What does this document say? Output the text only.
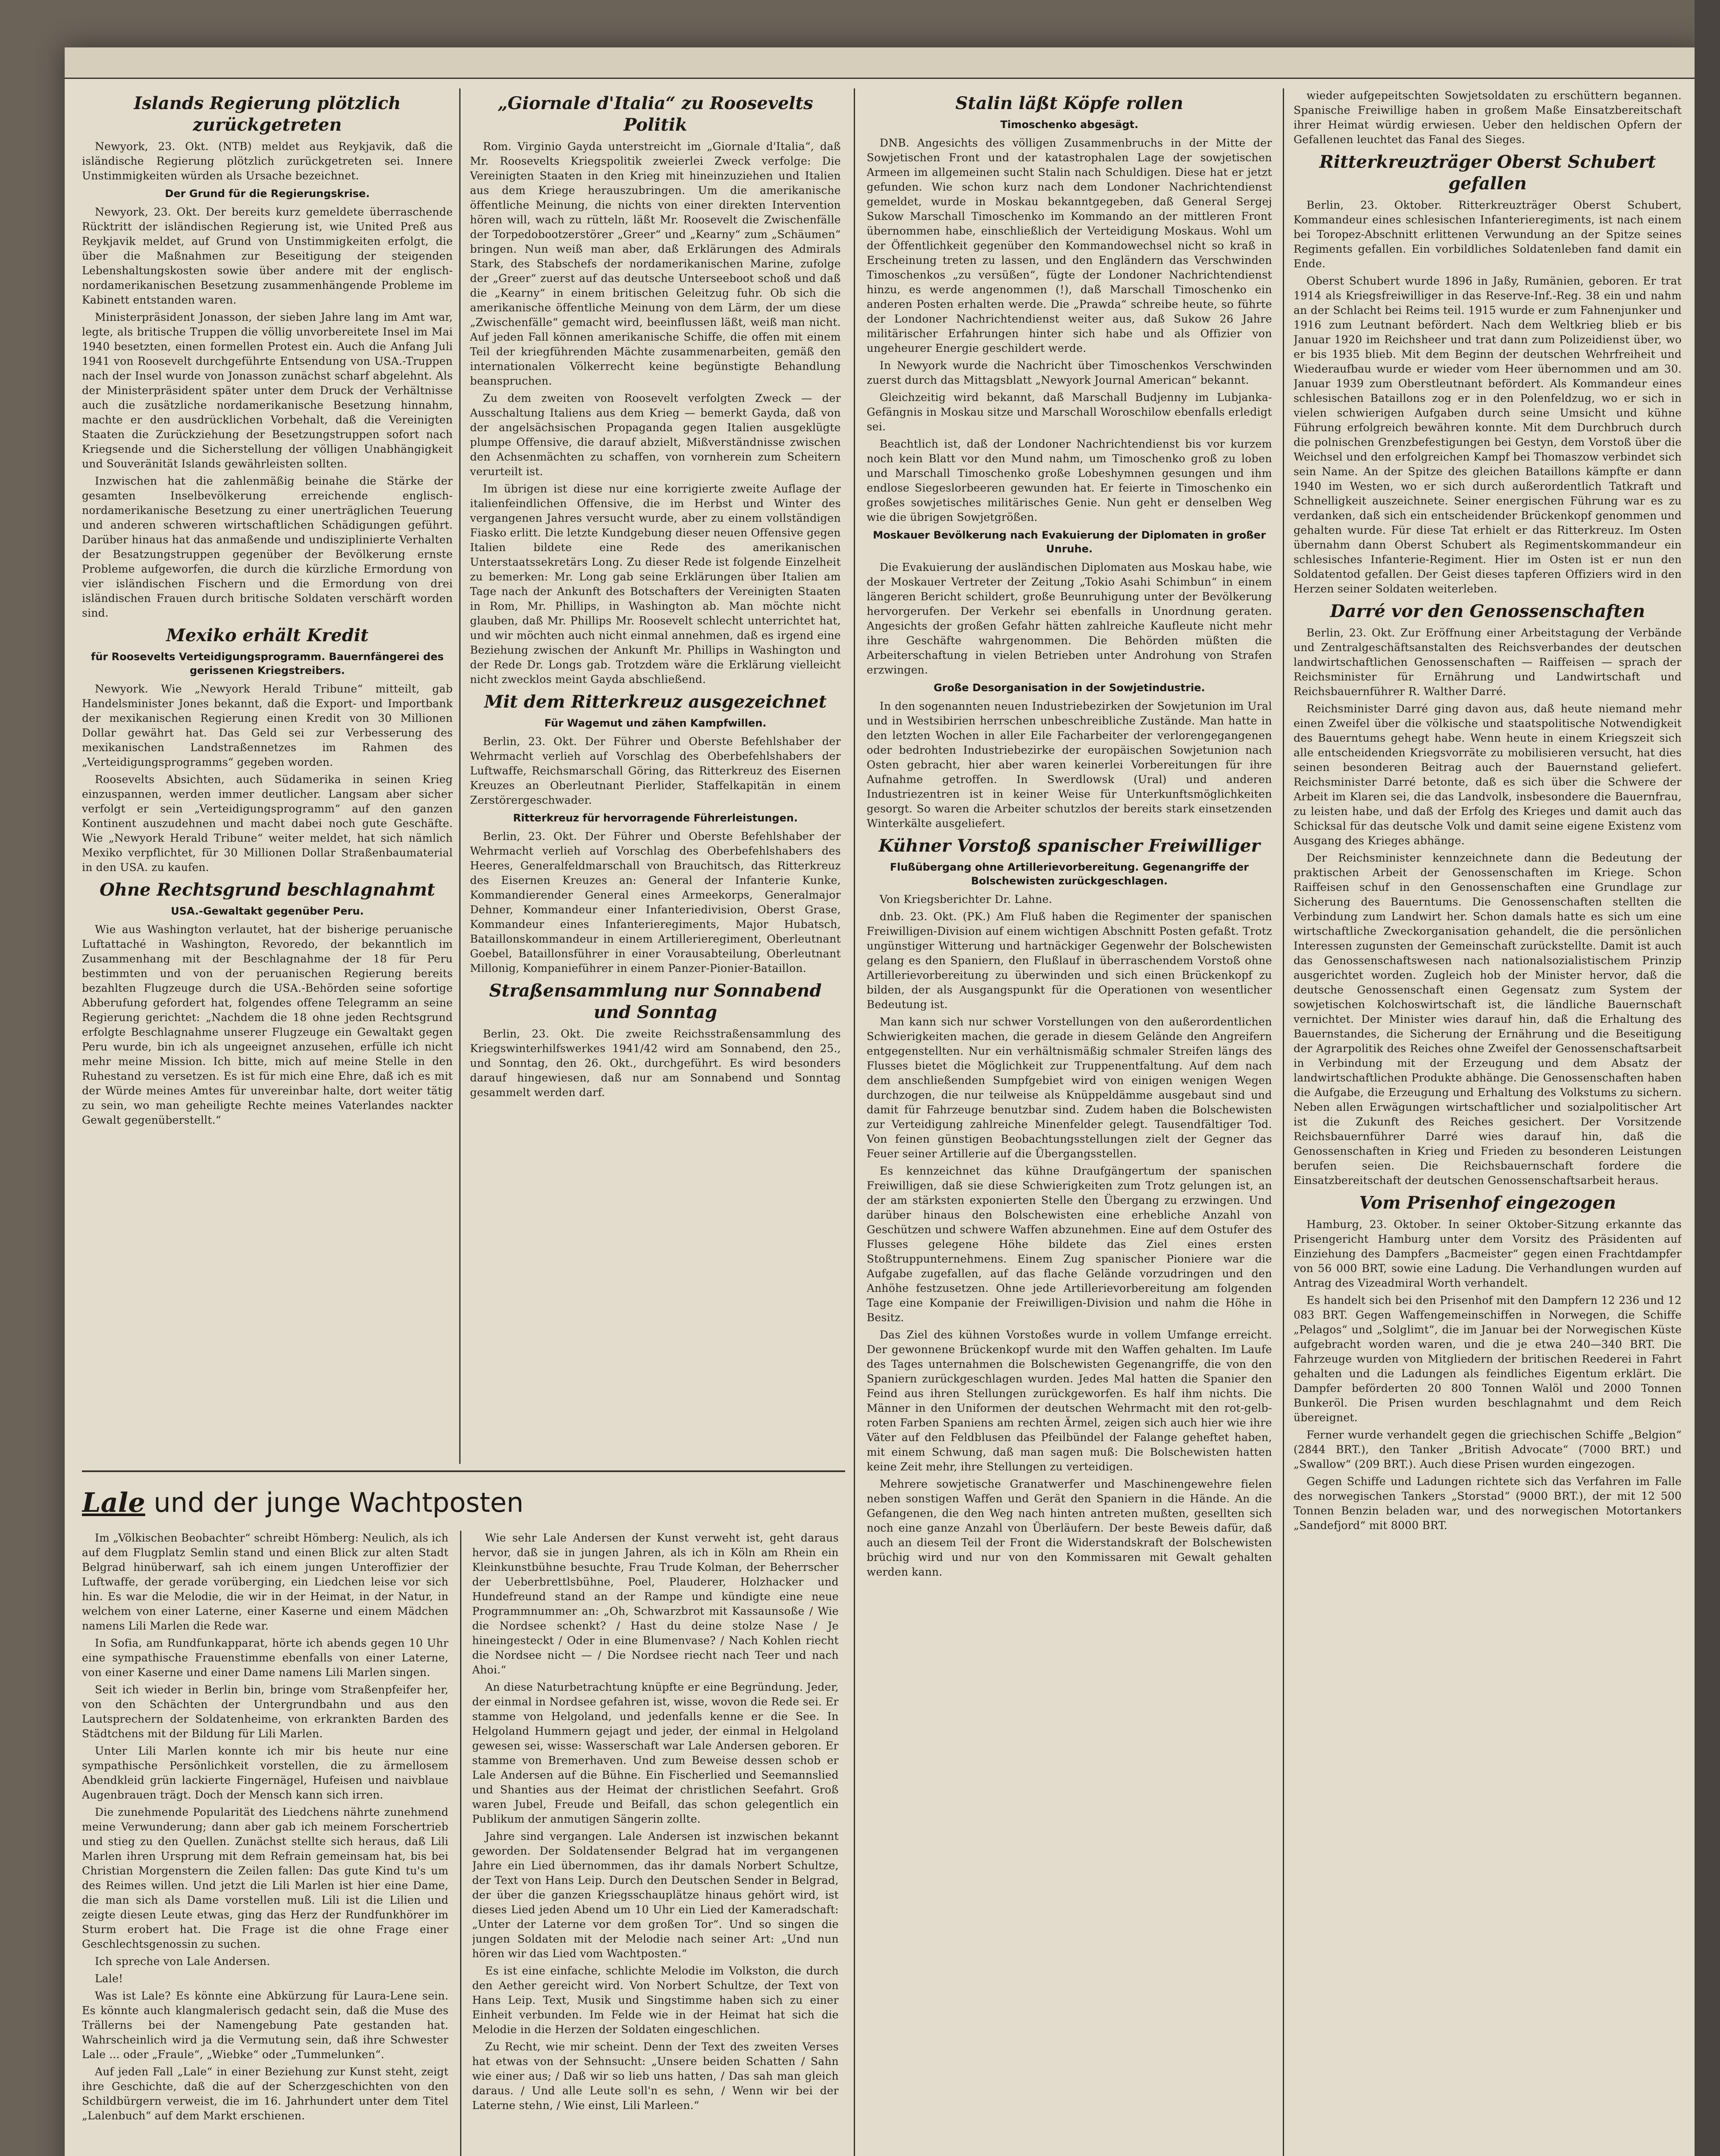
Islands Regierung plötzlich zurückgetreten

Newyork, 23. Okt. (NTB) meldet aus Reykjavik, daß die isländische Regierung plötzlich zurückgetreten sei. Innere Unstimmigkeiten würden als Ursache bezeichnet.

Der Grund für die Regierungskrise.

Newyork, 23. Okt. Der bereits kurz gemeldete überraschende Rücktritt der isländischen Regierung ist, wie United Preß aus Reykjavik meldet, auf Grund von Unstimmigkeiten erfolgt, die über die Maßnahmen zur Beseitigung der steigenden Lebenshaltungskosten sowie über andere mit der englisch-nordamerikanischen Besetzung zusammenhängende Probleme im Kabinett entstanden waren.

Ministerpräsident Jonasson, der sieben Jahre lang im Amt war, legte, als britische Truppen die völlig unvorbereitete Insel im Mai 1940 besetzten, einen formellen Protest ein. Auch die Anfang Juli 1941 von Roosevelt durchgeführte Entsendung von USA.-Truppen nach der Insel wurde von Jonasson zunächst scharf abgelehnt. Als der Ministerpräsident später unter dem Druck der Verhältnisse auch die zusätzliche nordamerikanische Besetzung hinnahm, machte er den ausdrücklichen Vorbehalt, daß die Vereinigten Staaten die Zurückziehung der Besetzungstruppen sofort nach Kriegsende und die Sicherstellung der völligen Unabhängigkeit und Souveränität Islands gewährleisten sollten.

Inzwischen hat die zahlenmäßig beinahe die Stärke der gesamten Inselbevölkerung erreichende englisch-nordamerikanische Besetzung zu einer unerträglichen Teuerung und anderen schweren wirtschaftlichen Schädigungen geführt. Darüber hinaus hat das anmaßende und undisziplinierte Verhalten der Besatzungstruppen gegenüber der Bevölkerung ernste Probleme aufgeworfen, die durch die kürzliche Ermordung von vier isländischen Fischern und die Ermordung von drei isländischen Frauen durch britische Soldaten verschärft worden sind.

Mexiko erhält Kredit
für Roosevelts Verteidigungsprogramm. Bauernfängerei des gerissenen Kriegstreibers.

Newyork. Wie „Newyork Herald Tribune“ mitteilt, gab Handelsminister Jones bekannt, daß die Export- und Importbank der mexikanischen Regierung einen Kredit von 30 Millionen Dollar gewährt hat. Das Geld sei zur Verbesserung des mexikanischen Landstraßennetzes im Rahmen des „Verteidigungsprogramms“ gegeben worden.

Roosevelts Absichten, auch Südamerika in seinen Krieg einzuspannen, werden immer deutlicher. Langsam aber sicher verfolgt er sein „Verteidigungsprogramm“ auf den ganzen Kontinent auszudehnen und macht dabei noch gute Geschäfte. Wie „Newyork Herald Tribune“ weiter meldet, hat sich nämlich Mexiko verpflichtet, für 30 Millionen Dollar Straßenbaumaterial in den USA. zu kaufen.

Ohne Rechtsgrund beschlagnahmt
USA.-Gewaltakt gegenüber Peru.

Wie aus Washington verlautet, hat der bisherige peruanische Luftattaché in Washington, Revoredo, der bekanntlich im Zusammenhang mit der Beschlagnahme der 18 für Peru bestimmten und von der peruanischen Regierung bereits bezahlten Flugzeuge durch die USA.-Behörden seine sofortige Abberufung gefordert hat, folgendes offene Telegramm an seine Regierung gerichtet: „Nachdem die 18 ohne jeden Rechtsgrund erfolgte Beschlagnahme unserer Flugzeuge ein Gewaltakt gegen Peru wurde, bin ich als ungeeignet anzusehen, erfülle ich nicht mehr meine Mission. Ich bitte, mich auf meine Stelle in den Ruhestand zu versetzen. Es ist für mich eine Ehre, daß ich es mit der Würde meines Amtes für unvereinbar halte, dort weiter tätig zu sein, wo man geheiligte Rechte meines Vaterlandes nackter Gewalt gegenüberstellt.“

„Giornale d'Italia“ zu Roosevelts Politik

Rom. Virginio Gayda unterstreicht im „Giornale d'Italia“, daß Mr. Roosevelts Kriegspolitik zweierlei Zweck verfolge: Die Vereinigten Staaten in den Krieg mit hineinzuziehen und Italien aus dem Kriege herauszubringen. Um die amerikanische öffentliche Meinung, die nichts von einer direkten Intervention hören will, wach zu rütteln, läßt Mr. Roosevelt die Zwischenfälle der Torpedobootzerstörer „Greer“ und „Kearny“ zum „Schäumen“ bringen. Nun weiß man aber, daß Erklärungen des Admirals Stark, des Stabschefs der nordamerikanischen Marine, zufolge der „Greer“ zuerst auf das deutsche Unterseeboot schoß und daß die „Kearny“ in einem britischen Geleitzug fuhr. Ob sich die amerikanische öffentliche Meinung von dem Lärm, der um diese „Zwischenfälle“ gemacht wird, beeinflussen läßt, weiß man nicht. Auf jeden Fall können amerikanische Schiffe, die offen mit einem Teil der kriegführenden Mächte zusammenarbeiten, gemäß den internationalen Völkerrecht keine begünstigte Behandlung beanspruchen.

Zu dem zweiten von Roosevelt verfolgten Zweck — der Ausschaltung Italiens aus dem Krieg — bemerkt Gayda, daß von der angelsächsischen Propaganda gegen Italien ausgeklügte plumpe Offensive, die darauf abzielt, Mißverständnisse zwischen den Achsenmächten zu schaffen, von vornherein zum Scheitern verurteilt ist.

Im übrigen ist diese nur eine korrigierte zweite Auflage der italienfeindlichen Offensive, die im Herbst und Winter des vergangenen Jahres versucht wurde, aber zu einem vollständigen Fiasko erlitt. Die letzte Kundgebung dieser neuen Offensive gegen Italien bildete eine Rede des amerikanischen Unterstaatssekretärs Long. Zu dieser Rede ist folgende Einzelheit zu bemerken: Mr. Long gab seine Erklärungen über Italien am Tage nach der Ankunft des Botschafters der Vereinigten Staaten in Rom, Mr. Phillips, in Washington ab. Man möchte nicht glauben, daß Mr. Phillips Mr. Roosevelt schlecht unterrichtet hat, und wir möchten auch nicht einmal annehmen, daß es irgend eine Beziehung zwischen der Ankunft Mr. Phillips in Washington und der Rede Dr. Longs gab. Trotzdem wäre die Erklärung vielleicht nicht zwecklos meint Gayda abschließend.

Mit dem Ritterkreuz ausgezeichnet
Für Wagemut und zähen Kampfwillen.

Berlin, 23. Okt. Der Führer und Oberste Befehlshaber der Wehrmacht verlieh auf Vorschlag des Oberbefehlshabers der Luftwaffe, Reichsmarschall Göring, das Ritterkreuz des Eisernen Kreuzes an Oberleutnant Pierlider, Staffelkapitän in einem Zerstörergeschwader.

Ritterkreuz für hervorragende Führerleistungen.

Berlin, 23. Okt. Der Führer und Oberste Befehlshaber der Wehrmacht verlieh auf Vorschlag des Oberbefehlshabers des Heeres, Generalfeldmarschall von Brauchitsch, das Ritterkreuz des Eisernen Kreuzes an: General der Infanterie Kunke, Kommandierender General eines Armeekorps, Generalmajor Dehner, Kommandeur einer Infanteriedivision, Oberst Grase, Kommandeur eines Infanterieregiments, Major Hubatsch, Bataillonskommandeur in einem Artillerieregiment, Oberleutnant Goebel, Bataillonsführer in einer Vorausabteilung, Oberleutnant Millonig, Kompanieführer in einem Panzer-Pionier-Bataillon.

Straßensammlung nur Sonnabend und Sonntag

Berlin, 23. Okt. Die zweite Reichsstraßensammlung des Kriegswinterhilfswerkes 1941/42 wird am Sonnabend, den 25., und Sonntag, den 26. Okt., durchgeführt. Es wird besonders darauf hingewiesen, daß nur am Sonnabend und Sonntag gesammelt werden darf.

Lale und der junge Wachtposten

Im „Völkischen Beobachter“ schreibt Hömberg: Neulich, als ich auf dem Flugplatz Semlin stand und einen Blick zur alten Stadt Belgrad hinüberwarf, sah ich einem jungen Unteroffizier der Luftwaffe, der gerade vorüberging, ein Liedchen leise vor sich hin. Es war die Melodie, die wir in der Heimat, in der Natur, in welchem von einer Laterne, einer Kaserne und einem Mädchen namens Lili Marlen die Rede war.

In Sofia, am Rundfunkapparat, hörte ich abends gegen 10 Uhr eine sympathische Frauenstimme ebenfalls von einer Laterne, von einer Kaserne und einer Dame namens Lili Marlen singen.

Seit ich wieder in Berlin bin, bringe vom Straßenpfeifer her, von den Schächten der Untergrundbahn und aus den Lautsprechern der Soldatenheime, von erkrankten Barden des Städtchens mit der Bildung für Lili Marlen.

Unter Lili Marlen konnte ich mir bis heute nur eine sympathische Persönlichkeit vorstellen, die zu ärmellosem Abendkleid grün lackierte Fingernägel, Hufeisen und naivblaue Augenbrauen trägt. Doch der Mensch kann sich irren.

Die zunehmende Popularität des Liedchens nährte zunehmend meine Verwunderung; dann aber gab ich meinem Forschertrieb und stieg zu den Quellen. Zunächst stellte sich heraus, daß Lili Marlen ihren Ursprung mit dem Refrain gemeinsam hat, bis bei Christian Morgenstern die Zeilen fallen: Das gute Kind tu's um des Reimes willen. Und jetzt die Lili Marlen ist hier eine Dame, die man sich als Dame vorstellen muß. Lili ist die Lilien und zeigte diesen Leute etwas, ging das Herz der Rundfunkhörer im Sturm erobert hat. Die Frage ist die ohne Frage einer Geschlechtsgenossin zu suchen.

Ich spreche von Lale Andersen.

Lale!

Was ist Lale? Es könnte eine Abkürzung für Laura-Lene sein. Es könnte auch klangmalerisch gedacht sein, daß die Muse des Trällerns bei der Namengebung Pate gestanden hat. Wahrscheinlich wird ja die Vermutung sein, daß ihre Schwester Lale ... oder „Fraule“, „Wiebke“ oder „Tummelunken“.

Auf jeden Fall „Lale“ in einer Beziehung zur Kunst steht, zeigt ihre Geschichte, daß die auf der Scherzgeschichten von den Schildbürgern verweist, die im 16. Jahrhundert unter dem Titel „Lalenbuch“ auf dem Markt erschienen.

Wie sehr Lale Andersen der Kunst verweht ist, geht daraus hervor, daß sie in jungen Jahren, als ich in Köln am Rhein ein Kleinkunstbühne besuchte, Frau Trude Kolman, der Beherrscher der Ueberbrettlsbühne, Poel, Plauderer, Holzhacker und Hundefreund stand an der Rampe und kündigte eine neue Programmnummer an: „Oh, Schwarzbrot mit Kassaunsoße / Wie die Nordsee schenkt? / Hast du deine stolze Nase / Je hineingesteckt / Oder in eine Blumenvase? / Nach Kohlen riecht die Nordsee nicht — / Die Nordsee riecht nach Teer und nach Ahoi.“

An diese Naturbetrachtung knüpfte er eine Begründung. Jeder, der einmal in Nordsee gefahren ist, wisse, wovon die Rede sei. Er stamme von Helgoland, und jedenfalls kenne er die See. In Helgoland Hummern gejagt und jeder, der einmal in Helgoland gewesen sei, wisse: Wasserschaft war Lale Andersen geboren. Er stamme von Bremerhaven. Und zum Beweise dessen schob er Lale Andersen auf die Bühne. Ein Fischerlied und Seemannslied und Shanties aus der Heimat der christlichen Seefahrt. Groß waren Jubel, Freude und Beifall, das schon gelegentlich ein Publikum der anmutigen Sängerin zollte.

Jahre sind vergangen. Lale Andersen ist inzwischen bekannt geworden. Der Soldatensender Belgrad hat im vergangenen Jahre ein Lied übernommen, das ihr damals Norbert Schultze, der Text von Hans Leip. Durch den Deutschen Sender in Belgrad, der über die ganzen Kriegsschauplätze hinaus gehört wird, ist dieses Lied jeden Abend um 10 Uhr ein Lied der Kameradschaft: „Unter der Laterne vor dem großen Tor“. Und so singen die jungen Soldaten mit der Melodie nach seiner Art: „Und nun hören wir das Lied vom Wachtposten.“

Es ist eine einfache, schlichte Melodie im Volkston, die durch den Aether gereicht wird. Von Norbert Schultze, der Text von Hans Leip. Text, Musik und Singstimme haben sich zu einer Einheit verbunden. Im Felde wie in der Heimat hat sich die Melodie in die Herzen der Soldaten eingeschlichen.

Zu Recht, wie mir scheint. Denn der Text des zweiten Verses hat etwas von der Sehnsucht: „Unsere beiden Schatten / Sahn wie einer aus; / Daß wir so lieb uns hatten, / Das sah man gleich daraus. / Und alle Leute soll'n es sehn, / Wenn wir bei der Laterne stehn, / Wie einst, Lili Marleen.“

Stalin läßt Köpfe rollen
Timoschenko abgesägt.

DNB. Angesichts des völligen Zusammenbruchs in der Mitte der Sowjetischen Front und der katastrophalen Lage der sowjetischen Armeen im allgemeinen sucht Stalin nach Schuldigen. Diese hat er jetzt gefunden. Wie schon kurz nach dem Londoner Nachrichtendienst gemeldet, wurde in Moskau bekanntgegeben, daß General Sergej Sukow Marschall Timoschenko im Kommando an der mittleren Front übernommen habe, einschließlich der Verteidigung Moskaus. Wohl um der Öffentlichkeit gegenüber den Kommandowechsel nicht so kraß in Erscheinung treten zu lassen, und den Engländern das Verschwinden Timoschenkos „zu versüßen“, fügte der Londoner Nachrichtendienst hinzu, es werde angenommen (!), daß Marschall Timoschenko ein anderen Posten erhalten werde. Die „Prawda“ schreibe heute, so führte der Londoner Nachrichtendienst weiter aus, daß Sukow 26 Jahre militärischer Erfahrungen hinter sich habe und als Offizier von ungeheurer Energie geschildert werde.

In Newyork wurde die Nachricht über Timoschenkos Verschwinden zuerst durch das Mittagsblatt „Newyork Journal American“ bekannt.

Gleichzeitig wird bekannt, daß Marschall Budjenny im Lubjanka-Gefängnis in Moskau sitze und Marschall Woroschilow ebenfalls erledigt sei.

Beachtlich ist, daß der Londoner Nachrichtendienst bis vor kurzem noch kein Blatt vor den Mund nahm, um Timoschenko groß zu loben und Marschall Timoschenko große Lobeshymnen gesungen und ihm endlose Siegeslorbeeren gewunden hat. Er feierte in Timoschenko ein großes sowjetisches militärisches Genie. Nun geht er denselben Weg wie die übrigen Sowjetgrößen.

Moskauer Bevölkerung nach Evakuierung der Diplomaten in großer Unruhe.

Die Evakuierung der ausländischen Diplomaten aus Moskau habe, wie der Moskauer Vertreter der Zeitung „Tokio Asahi Schimbun“ in einem längeren Bericht schildert, große Beunruhigung unter der Bevölkerung hervorgerufen. Der Verkehr sei ebenfalls in Unordnung geraten. Angesichts der großen Gefahr hätten zahlreiche Kaufleute nicht mehr ihre Geschäfte wahrgenommen. Die Behörden müßten die Arbeiterschaftung in vielen Betrieben unter Androhung von Strafen erzwingen.

Große Desorganisation in der Sowjetindustrie.

In den sogenannten neuen Industriebezirken der Sowjetunion im Ural und in Westsibirien herrschen unbeschreibliche Zustände. Man hatte in den letzten Wochen in aller Eile Facharbeiter der verlorengegangenen oder bedrohten Industriebezirke der europäischen Sowjetunion nach Osten gebracht, hier aber waren keinerlei Vorbereitungen für ihre Aufnahme getroffen. In Swerdlowsk (Ural) und anderen Industriezentren ist in keiner Weise für Unterkunftsmöglichkeiten gesorgt. So waren die Arbeiter schutzlos der bereits stark einsetzenden Winterkälte ausgeliefert.

Kühner Vorstoß spanischer Freiwilliger
Flußübergang ohne Artillerievorbereitung. Gegenangriffe der Bolschewisten zurückgeschlagen.

Von Kriegsberichter Dr. Lahne.

dnb. 23. Okt. (PK.) Am Fluß haben die Regimenter der spanischen Freiwilligen-Division auf einem wichtigen Abschnitt Posten gefaßt. Trotz ungünstiger Witterung und hartnäckiger Gegenwehr der Bolschewisten gelang es den Spaniern, den Flußlauf in überraschendem Vorstoß ohne Artillerievorbereitung zu überwinden und sich einen Brückenkopf zu bilden, der als Ausgangspunkt für die Operationen von wesentlicher Bedeutung ist.

Man kann sich nur schwer Vorstellungen von den außerordentlichen Schwierigkeiten machen, die gerade in diesem Gelände den Angreifern entgegenstellten. Nur ein verhältnismäßig schmaler Streifen längs des Flusses bietet die Möglichkeit zur Truppenentfaltung. Auf dem nach dem anschließenden Sumpfgebiet wird von einigen wenigen Wegen durchzogen, die nur teilweise als Knüppeldämme ausgebaut sind und damit für Fahrzeuge benutzbar sind. Zudem haben die Bolschewisten zur Verteidigung zahlreiche Minenfelder gelegt. Tausendfältiger Tod. Von feinen günstigen Beobachtungsstellungen zielt der Gegner das Feuer seiner Artillerie auf die Übergangsstellen.

Es kennzeichnet das kühne Draufgängertum der spanischen Freiwilligen, daß sie diese Schwierigkeiten zum Trotz gelungen ist, an der am stärksten exponierten Stelle den Übergang zu erzwingen. Und darüber hinaus den Bolschewisten eine erhebliche Anzahl von Geschützen und schwere Waffen abzunehmen. Eine auf dem Ostufer des Flusses gelegene Höhe bildete das Ziel eines ersten Stoßtruppunternehmens. Einem Zug spanischer Pioniere war die Aufgabe zugefallen, auf das flache Gelände vorzudringen und den Anhöhe festzusetzen. Ohne jede Artillerievorbereitung am folgenden Tage eine Kompanie der Freiwilligen-Division und nahm die Höhe in Besitz.

Das Ziel des kühnen Vorstoßes wurde in vollem Umfange erreicht. Der gewonnene Brückenkopf wurde mit den Waffen gehalten. Im Laufe des Tages unternahmen die Bolschewisten Gegenangriffe, die von den Spaniern zurückgeschlagen wurden. Jedes Mal hatten die Spanier den Feind aus ihren Stellungen zurückgeworfen. Es half ihm nichts. Die Männer in den Uniformen der deutschen Wehrmacht mit den rot-gelb-roten Farben Spaniens am rechten Ärmel, zeigen sich auch hier wie ihre Väter auf den Feldblusen das Pfeilbündel der Falange geheftet haben, mit einem Schwung, daß man sagen muß: Die Bolschewisten hatten keine Zeit mehr, ihre Stellungen zu verteidigen.

Mehrere sowjetische Granatwerfer und Maschinengewehre fielen neben sonstigen Waffen und Gerät den Spaniern in die Hände. An die Gefangenen, die den Weg nach hinten antreten mußten, gesellten sich noch eine ganze Anzahl von Überläufern. Der beste Beweis dafür, daß auch an diesem Teil der Front die Widerstandskraft der Bolschewisten brüchig wird und nur von den Kommissaren mit Gewalt gehalten werden kann.

wieder aufgepeitschten Sowjetsoldaten zu erschüttern begannen. Spanische Freiwillige haben in großem Maße Einsatzbereitschaft ihrer Heimat würdig erwiesen. Ueber den heldischen Opfern der Gefallenen leuchtet das Fanal des Sieges.

Ritterkreuzträger Oberst Schubert gefallen

Berlin, 23. Oktober. Ritterkreuzträger Oberst Schubert, Kommandeur eines schlesischen Infanterieregiments, ist nach einem bei Toropez-Abschnitt erlittenen Verwundung an der Spitze seines Regiments gefallen. Ein vorbildliches Soldatenleben fand damit ein Ende.

Oberst Schubert wurde 1896 in Jaßy, Rumänien, geboren. Er trat 1914 als Kriegsfreiwilliger in das Reserve-Inf.-Reg. 38 ein und nahm an der Schlacht bei Reims teil. 1915 wurde er zum Fahnenjunker und 1916 zum Leutnant befördert. Nach dem Weltkrieg blieb er bis Januar 1920 im Reichsheer und trat dann zum Polizeidienst über, wo er bis 1935 blieb. Mit dem Beginn der deutschen Wehrfreiheit und Wiederaufbau wurde er wieder vom Heer übernommen und am 30. Januar 1939 zum Oberstleutnant befördert. Als Kommandeur eines schlesischen Bataillons zog er in den Polenfeldzug, wo er sich in vielen schwierigen Aufgaben durch seine Umsicht und kühne Führung erfolgreich bewähren konnte. Mit dem Durchbruch durch die polnischen Grenzbefestigungen bei Gestyn, dem Vorstoß über die Weichsel und den erfolgreichen Kampf bei Thomaszow verbindet sich sein Name. An der Spitze des gleichen Bataillons kämpfte er dann 1940 im Westen, wo er sich durch außerordentlich Tatkraft und Schnelligkeit auszeichnete. Seiner energischen Führung war es zu verdanken, daß sich ein entscheidender Brückenkopf genommen und gehalten wurde. Für diese Tat erhielt er das Ritterkreuz. Im Osten übernahm dann Oberst Schubert als Regimentskommandeur ein schlesisches Infanterie-Regiment. Hier im Osten ist er nun den Soldatentod gefallen. Der Geist dieses tapferen Offiziers wird in den Herzen seiner Soldaten weiterleben.

Darré vor den Genossenschaften

Berlin, 23. Okt. Zur Eröffnung einer Arbeitstagung der Verbände und Zentralgeschäftsanstalten des Reichsverbandes der deutschen landwirtschaftlichen Genossenschaften — Raiffeisen — sprach der Reichsminister für Ernährung und Landwirtschaft und Reichsbauernführer R. Walther Darré.

Reichsminister Darré ging davon aus, daß heute niemand mehr einen Zweifel über die völkische und staatspolitische Notwendigkeit des Bauerntums gehegt habe. Wenn heute in einem Kriegszeit sich alle entscheidenden Kriegsvorräte zu mobilisieren versucht, hat dies seinen besonderen Beitrag auch der Bauernstand geliefert. Reichsminister Darré betonte, daß es sich über die Schwere der Arbeit im Klaren sei, die das Landvolk, insbesondere die Bauernfrau, zu leisten habe, und daß der Erfolg des Krieges und damit auch das Schicksal für das deutsche Volk und damit seine eigene Existenz vom Ausgang des Krieges abhänge.

Der Reichsminister kennzeichnete dann die Bedeutung der praktischen Arbeit der Genossenschaften im Kriege. Schon Raiffeisen schuf in den Genossenschaften eine Grundlage zur Sicherung des Bauerntums. Die Genossenschaften stellten die Verbindung zum Landwirt her. Schon damals hatte es sich um eine wirtschaftliche Zweckorganisation gehandelt, die die persönlichen Interessen zugunsten der Gemeinschaft zurückstellte. Damit ist auch das Genossenschaftswesen nach nationalsozialistischem Prinzip ausgerichtet worden. Zugleich hob der Minister hervor, daß die deutsche Genossenschaft einen Gegensatz zum System der sowjetischen Kolchoswirtschaft ist, die ländliche Bauernschaft vernichtet. Der Minister wies darauf hin, daß die Erhaltung des Bauernstandes, die Sicherung der Ernährung und die Beseitigung der Agrarpolitik des Reiches ohne Zweifel der Genossenschaftsarbeit in Verbindung mit der Erzeugung und dem Absatz der landwirtschaftlichen Produkte abhänge. Die Genossenschaften haben die Aufgabe, die Erzeugung und Erhaltung des Volkstums zu sichern. Neben allen Erwägungen wirtschaftlicher und sozialpolitischer Art ist die Zukunft des Reiches gesichert. Der Vorsitzende Reichsbauernführer Darré wies darauf hin, daß die Genossenschaften in Krieg und Frieden zu besonderen Leistungen berufen seien. Die Reichsbauernschaft fordere die Einsatzbereitschaft der deutschen Genossenschaftsarbeit heraus.

Vom Prisenhof eingezogen

Hamburg, 23. Oktober. In seiner Oktober-Sitzung erkannte das Prisengericht Hamburg unter dem Vorsitz des Präsidenten auf Einziehung des Dampfers „Bacmeister“ gegen einen Frachtdampfer von 56 000 BRT, sowie eine Ladung. Die Verhandlungen wurden auf Antrag des Vizeadmiral Worth verhandelt.

Es handelt sich bei den Prisenhof mit den Dampfern 12 236 und 12 083 BRT. Gegen Waffengemeinschiffen in Norwegen, die Schiffe „Pelagos“ und „Solglimt“, die im Januar bei der Norwegischen Küste aufgebracht worden waren, und die je etwa 240—340 BRT. Die Fahrzeuge wurden von Mitgliedern der britischen Reederei in Fahrt gehalten und die Ladungen als feindliches Eigentum erklärt. Die Dampfer beförderten 20 800 Tonnen Walöl und 2000 Tonnen Bunkeröl. Die Prisen wurden beschlagnahmt und dem Reich übereignet.

Ferner wurde verhandelt gegen die griechischen Schiffe „Belgion“ (2844 BRT.), den Tanker „British Advocate“ (7000 BRT.) und „Swallow“ (209 BRT.). Auch diese Prisen wurden eingezogen.

Gegen Schiffe und Ladungen richtete sich das Verfahren im Falle des norwegischen Tankers „Storstad“ (9000 BRT.), der mit 12 500 Tonnen Benzin beladen war, und des norwegischen Motortankers „Sandefjord“ mit 8000 BRT.
